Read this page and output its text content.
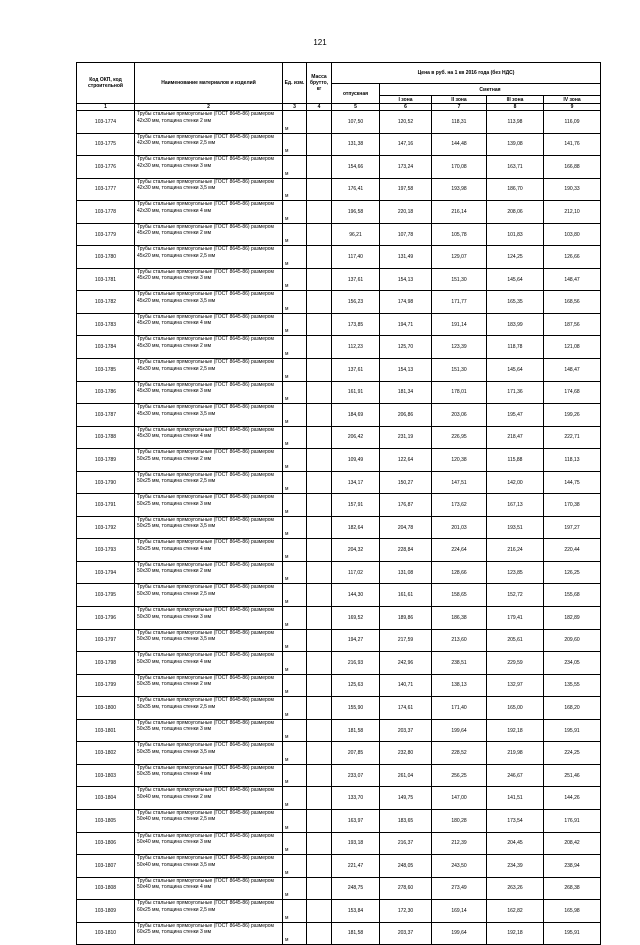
121
Код ОКП, код строительной	Наименование материалов и изделий	Ед. изм.	Масса брутто, кг	Цена в руб. на 1 кв 2016 года (без НДС)				
				отпускная	Сметная			
					I зона	II зона	III зона	IV зона
1	2	3	4	5	6	7	8	9
103-1774	Трубы стальные прямоугольные (ГОСТ 8645-86) размером 42х30 мм, толщина стенки 2 мм	м		107,50	120,52	118,31	113,98	116,09
103-1775	Трубы стальные прямоугольные (ГОСТ 8645-86) размером 42х30 мм, толщина стенки 2,5 мм	м		131,38	147,16	144,48	139,08	141,76
103-1776	Трубы стальные прямоугольные (ГОСТ 8645-86) размером 42х30 мм, толщина стенки 3 мм	м		154,66	173,24	170,08	163,71	166,88
103-1777	Трубы стальные прямоугольные (ГОСТ 8645-86) размером 42х30 мм, толщина стенки 3,5 мм	м		176,41	197,58	193,98	186,70	190,33
103-1778	Трубы стальные прямоугольные (ГОСТ 8645-86) размером 42х30 мм, толщина стенки 4 мм	м		196,58	220,18	216,14	208,06	212,10
103-1779	Трубы стальные прямоугольные (ГОСТ 8645-86) размером 45х20 мм, толщина стенки 2 мм	м		96,21	107,78	105,78	101,83	103,80
103-1780	Трубы стальные прямоугольные (ГОСТ 8645-86) размером 45х20 мм, толщина стенки 2,5 мм	м		117,40	131,49	129,07	124,25	126,66
103-1781	Трубы стальные прямоугольные (ГОСТ 8645-86) размером 45х20 мм, толщина стенки 3 мм	м		137,61	154,13	151,30	145,64	148,47
103-1782	Трубы стальные прямоугольные (ГОСТ 8645-86) размером 45х20 мм, толщина стенки 3,5 мм	м		156,23	174,98	171,77	165,35	168,56
103-1783	Трубы стальные прямоугольные (ГОСТ 8645-86) размером 45х20 мм, толщина стенки 4 мм	м		173,85	194,71	191,14	183,99	187,56
103-1784	Трубы стальные прямоугольные (ГОСТ 8645-86) размером 45х30 мм, толщина стенки 2 мм	м		112,23	125,70	123,39	118,78	121,08
103-1785	Трубы стальные прямоугольные (ГОСТ 8645-86) размером 45х30 мм, толщина стенки 2,5 мм	м		137,61	154,13	151,30	145,64	148,47
103-1786	Трубы стальные прямоугольные (ГОСТ 8645-86) размером 45х30 мм, толщина стенки 3 мм	м		161,91	181,34	178,01	171,36	174,68
103-1787	Трубы стальные прямоугольные (ГОСТ 8645-86) размером 45х30 мм, толщина стенки 3,5 мм	м		184,69	206,86	203,06	195,47	199,26
103-1788	Трубы стальные прямоугольные (ГОСТ 8645-86) размером 45х30 мм, толщина стенки 4 мм	м		206,42	231,19	226,95	218,47	222,71
103-1789	Трубы стальные прямоугольные (ГОСТ 8645-86) размером 50х25 мм, толщина стенки 2 мм	м		109,49	122,64	120,38	115,88	118,13
103-1790	Трубы стальные прямоугольные (ГОСТ 8645-86) размером 50х25 мм, толщина стенки 2,5 мм	м		134,17	150,27	147,51	142,00	144,75
103-1791	Трубы стальные прямоугольные (ГОСТ 8645-86) размером 50х25 мм, толщина стенки 3 мм	м		157,91	176,87	173,62	167,13	170,38
103-1792	Трубы стальные прямоугольные (ГОСТ 8645-86) размером 50х25 мм, толщина стенки 3,5 мм	м		182,64	204,78	201,03	193,51	197,27
103-1793	Трубы стальные прямоугольные (ГОСТ 8645-86) размером 50х25 мм, толщина стенки 4 мм	м		204,32	228,84	224,64	216,24	220,44
103-1794	Трубы стальные прямоугольные (ГОСТ 8645-86) размером 50х30 мм, толщина стенки 2 мм	м		117,02	131,08	128,66	123,85	126,25
103-1795	Трубы стальные прямоугольные (ГОСТ 8645-86) размером 50х30 мм, толщина стенки 2,5 мм	м		144,30	161,61	158,65	152,72	155,68
103-1796	Трубы стальные прямоугольные (ГОСТ 8645-86) размером 50х30 мм, толщина стенки 3 мм	м		169,52	189,86	186,38	179,41	182,89
103-1797	Трубы стальные прямоугольные (ГОСТ 8645-86) размером 50х30 мм, толщина стенки 3,5 мм	м		194,27	217,59	213,60	205,61	209,60
103-1798	Трубы стальные прямоугольные (ГОСТ 8645-86) размером 50х30 мм, толщина стенки 4 мм	м		216,93	242,96	238,51	229,59	234,05
103-1799	Трубы стальные прямоугольные (ГОСТ 8645-86) размером 50х35 мм, толщина стенки 2 мм	м		125,63	140,71	138,13	132,97	135,55
103-1800	Трубы стальные прямоугольные (ГОСТ 8645-86) размером 50х35 мм, толщина стенки 2,5 мм	м		155,90	174,61	171,40	165,00	168,20
103-1801	Трубы стальные прямоугольные (ГОСТ 8645-86) размером 50х35 мм, толщина стенки 3 мм	м		181,58	203,37	199,64	192,18	195,91
103-1802	Трубы стальные прямоугольные (ГОСТ 8645-86) размером 50х35 мм, толщина стенки 3,5 мм	м		207,85	232,80	228,52	219,98	224,25
103-1803	Трубы стальные прямоугольные (ГОСТ 8645-86) размером 50х35 мм, толщина стенки 4 мм	м		233,07	261,04	256,25	246,67	251,46
103-1804	Трубы стальные прямоугольные (ГОСТ 8645-86) размером 50х40 мм, толщина стенки 2 мм	м		133,70	149,75	147,00	141,51	144,26
103-1805	Трубы стальные прямоугольные (ГОСТ 8645-86) размером 50х40 мм, толщина стенки 2,5 мм	м		163,97	183,65	180,28	173,54	176,91
103-1806	Трубы стальные прямоугольные (ГОСТ 8645-86) размером 50х40 мм, толщина стенки 3 мм	м		193,18	216,37	212,39	204,45	208,42
103-1807	Трубы стальные прямоугольные (ГОСТ 8645-86) размером 50х40 мм, толщина стенки 3,5 мм	м		221,47	248,05	243,50	234,39	238,94
103-1808	Трубы стальные прямоугольные (ГОСТ 8645-86) размером 50х40 мм, толщина стенки 4 мм	м		248,75	278,60	273,49	263,26	268,38
103-1809	Трубы стальные прямоугольные (ГОСТ 8645-86) размером 60х25 мм, толщина стенки 2,5 мм	м		153,84	172,30	169,14	162,82	165,98
103-1810	Трубы стальные прямоугольные (ГОСТ 8645-86) размером 60х25 мм, толщина стенки 3 мм	м		181,58	203,37	199,64	192,18	195,91
